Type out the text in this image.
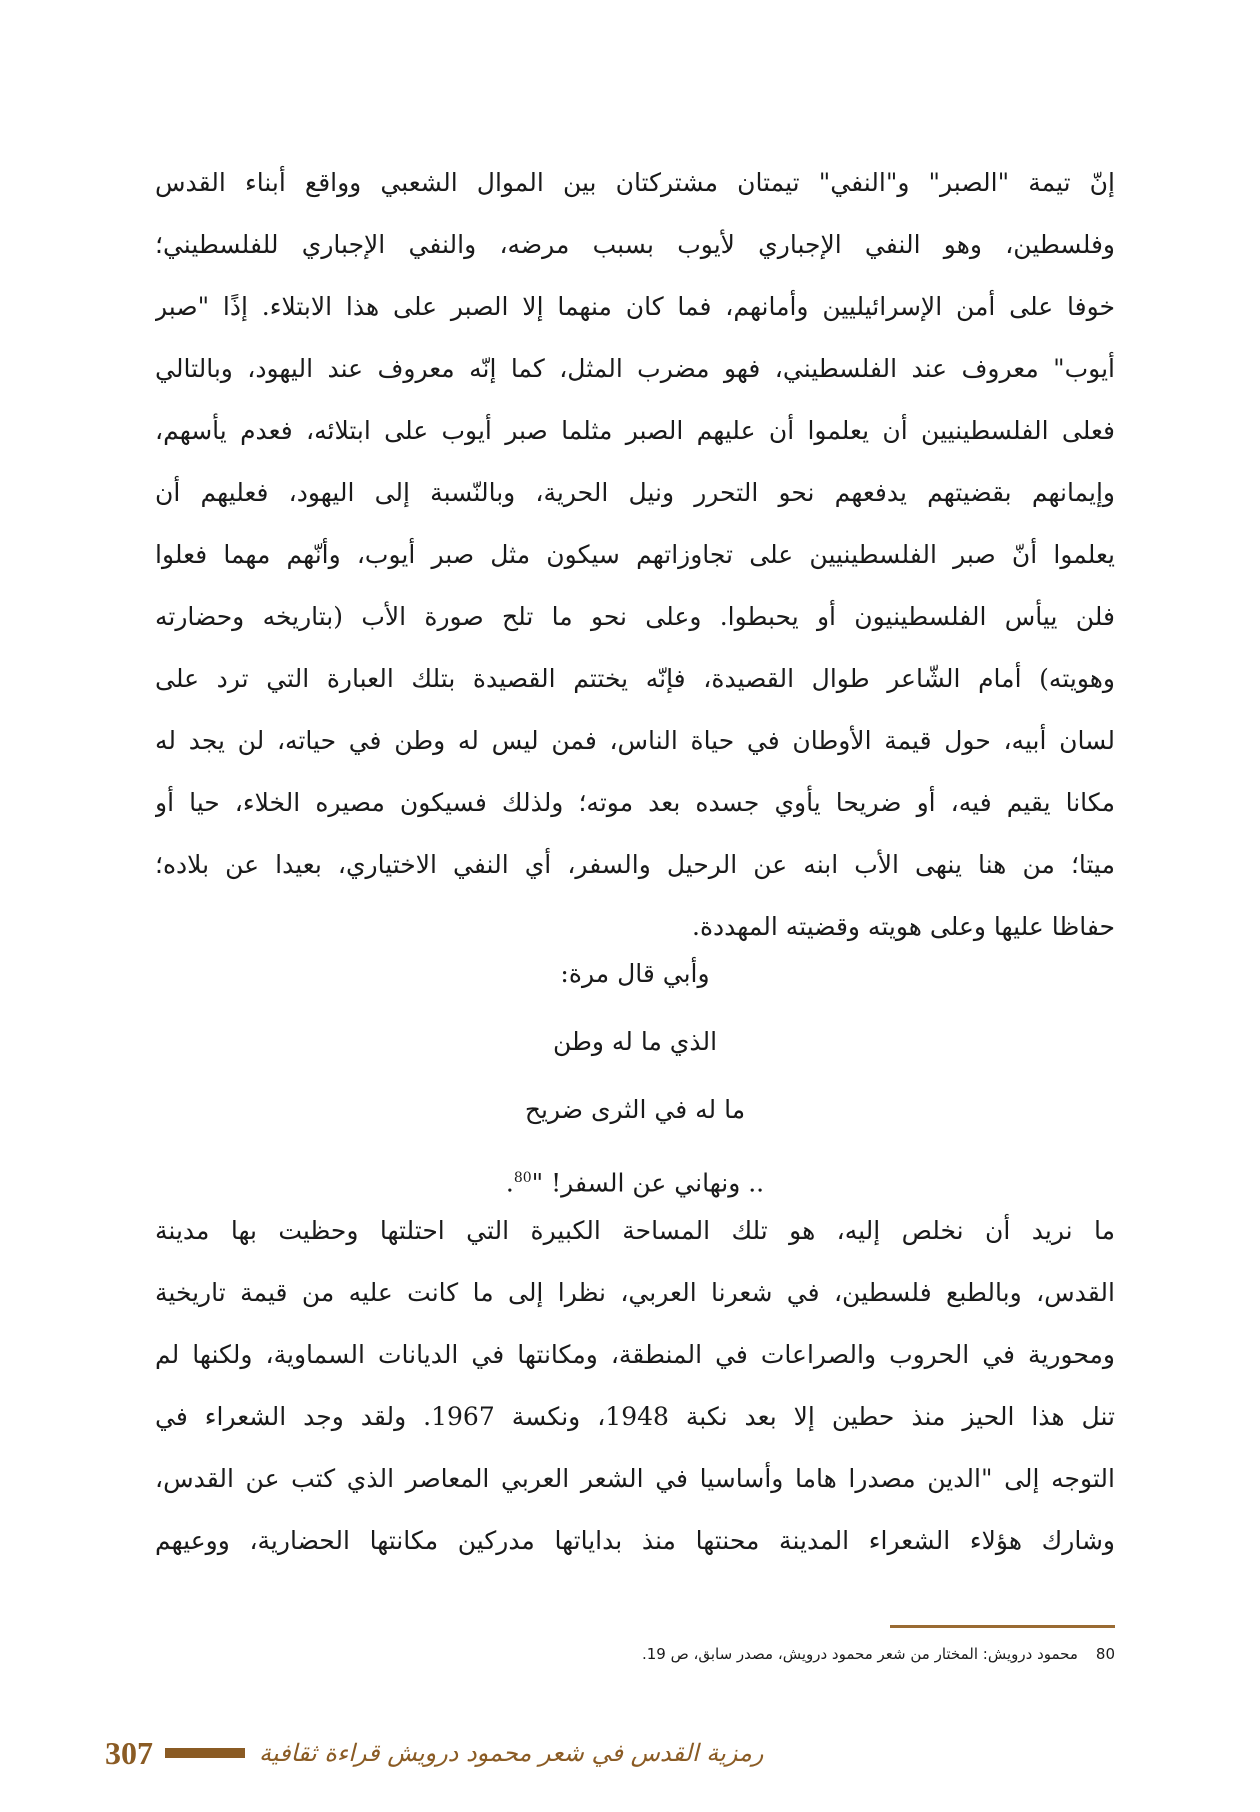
إنّ تيمة "الصبر" و"النفي" تيمتان مشتركتان بين الموال الشعبي وواقع أبناء القدس
وفلسطين، وهو النفي الإجباري لأيوب بسبب مرضه، والنفي الإجباري للفلسطيني؛
خوفا على أمن الإسرائيليين وأمانهم، فما كان منهما إلا الصبر على هذا الابتلاء. إذًا "صبر
أيوب" معروف عند الفلسطيني، فهو مضرب المثل، كما إنّه معروف عند اليهود، وبالتالي
فعلى الفلسطينيين أن يعلموا أن عليهم الصبر مثلما صبر أيوب على ابتلائه، فعدم يأسهم،
وإيمانهم بقضيتهم يدفعهم نحو التحرر ونيل الحرية، وبالنّسبة إلى اليهود، فعليهم أن
يعلموا أنّ صبر الفلسطينيين على تجاوزاتهم سيكون مثل صبر أيوب، وأنّهم مهما فعلوا
فلن ييأس الفلسطينيون أو يحبطوا. وعلى نحو ما تلح صورة الأب (بتاريخه وحضارته
وهويته) أمام الشّاعر طوال القصيدة، فإنّه يختتم القصيدة بتلك العبارة التي ترد على
لسان أبيه، حول قيمة الأوطان في حياة الناس، فمن ليس له وطن في حياته، لن يجد له
مكانا يقيم فيه، أو ضريحا يأوي جسده بعد موته؛ ولذلك فسيكون مصيره الخلاء، حيا أو
ميتا؛ من هنا ينهى الأب ابنه عن الرحيل والسفر، أي النفي الاختياري، بعيدا عن بلاده؛
حفاظا عليها وعلى هويته وقضيته المهددة.
وأبي قال مرة:
الذي ما له وطن
ما له في الثرى ضريح
.. ونهاني عن السفر! "$^{80}$.
ما نريد أن نخلص إليه، هو تلك المساحة الكبيرة التي احتلتها وحظيت بها مدينة
القدس، وبالطبع فلسطين، في شعرنا العربي، نظرا إلى ما كانت عليه من قيمة تاريخية
ومحورية في الحروب والصراعات في المنطقة، ومكانتها في الديانات السماوية، ولكنها لم
تنل هذا الحيز منذ حطين إلا بعد نكبة 1948، ونكسة 1967. ولقد وجد الشعراء في
التوجه إلى "الدين مصدرا هاما وأساسيا في الشعر العربي المعاصر الذي كتب عن القدس،
وشارك هؤلاء الشعراء المدينة محنتها منذ بداياتها مدركين مكانتها الحضارية، ووعيهم
80محمود درويش: المختار من شعر محمود درويش، مصدر سابق، ص 19.
307	رمزية القدس في شعر محمود درويش قراءة ثقافية
